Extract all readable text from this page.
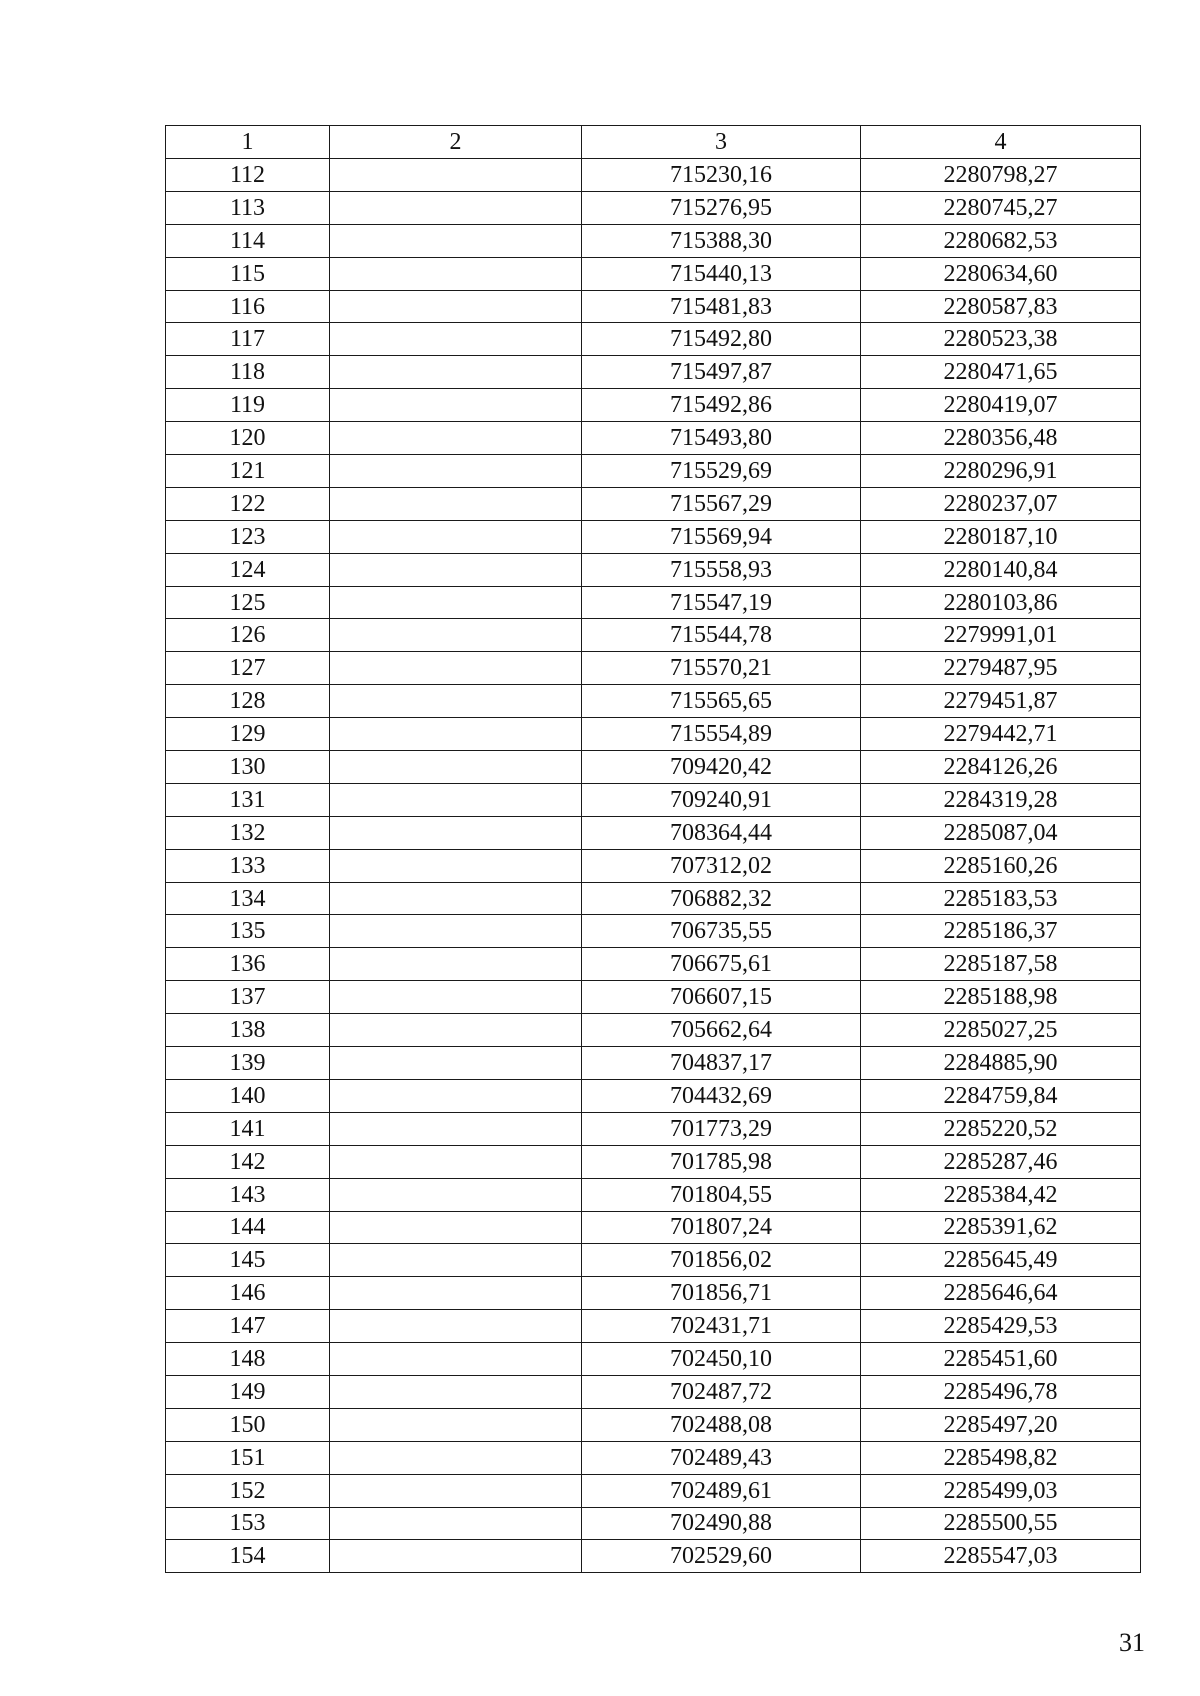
1	2	3	4
112		715230,16	2280798,27
113		715276,95	2280745,27
114		715388,30	2280682,53
115		715440,13	2280634,60
116		715481,83	2280587,83
117		715492,80	2280523,38
118		715497,87	2280471,65
119		715492,86	2280419,07
120		715493,80	2280356,48
121		715529,69	2280296,91
122		715567,29	2280237,07
123		715569,94	2280187,10
124		715558,93	2280140,84
125		715547,19	2280103,86
126		715544,78	2279991,01
127		715570,21	2279487,95
128		715565,65	2279451,87
129		715554,89	2279442,71
130		709420,42	2284126,26
131		709240,91	2284319,28
132		708364,44	2285087,04
133		707312,02	2285160,26
134		706882,32	2285183,53
135		706735,55	2285186,37
136		706675,61	2285187,58
137		706607,15	2285188,98
138		705662,64	2285027,25
139		704837,17	2284885,90
140		704432,69	2284759,84
141		701773,29	2285220,52
142		701785,98	2285287,46
143		701804,55	2285384,42
144		701807,24	2285391,62
145		701856,02	2285645,49
146		701856,71	2285646,64
147		702431,71	2285429,53
148		702450,10	2285451,60
149		702487,72	2285496,78
150		702488,08	2285497,20
151		702489,43	2285498,82
152		702489,61	2285499,03
153		702490,88	2285500,55
154		702529,60	2285547,03
31
